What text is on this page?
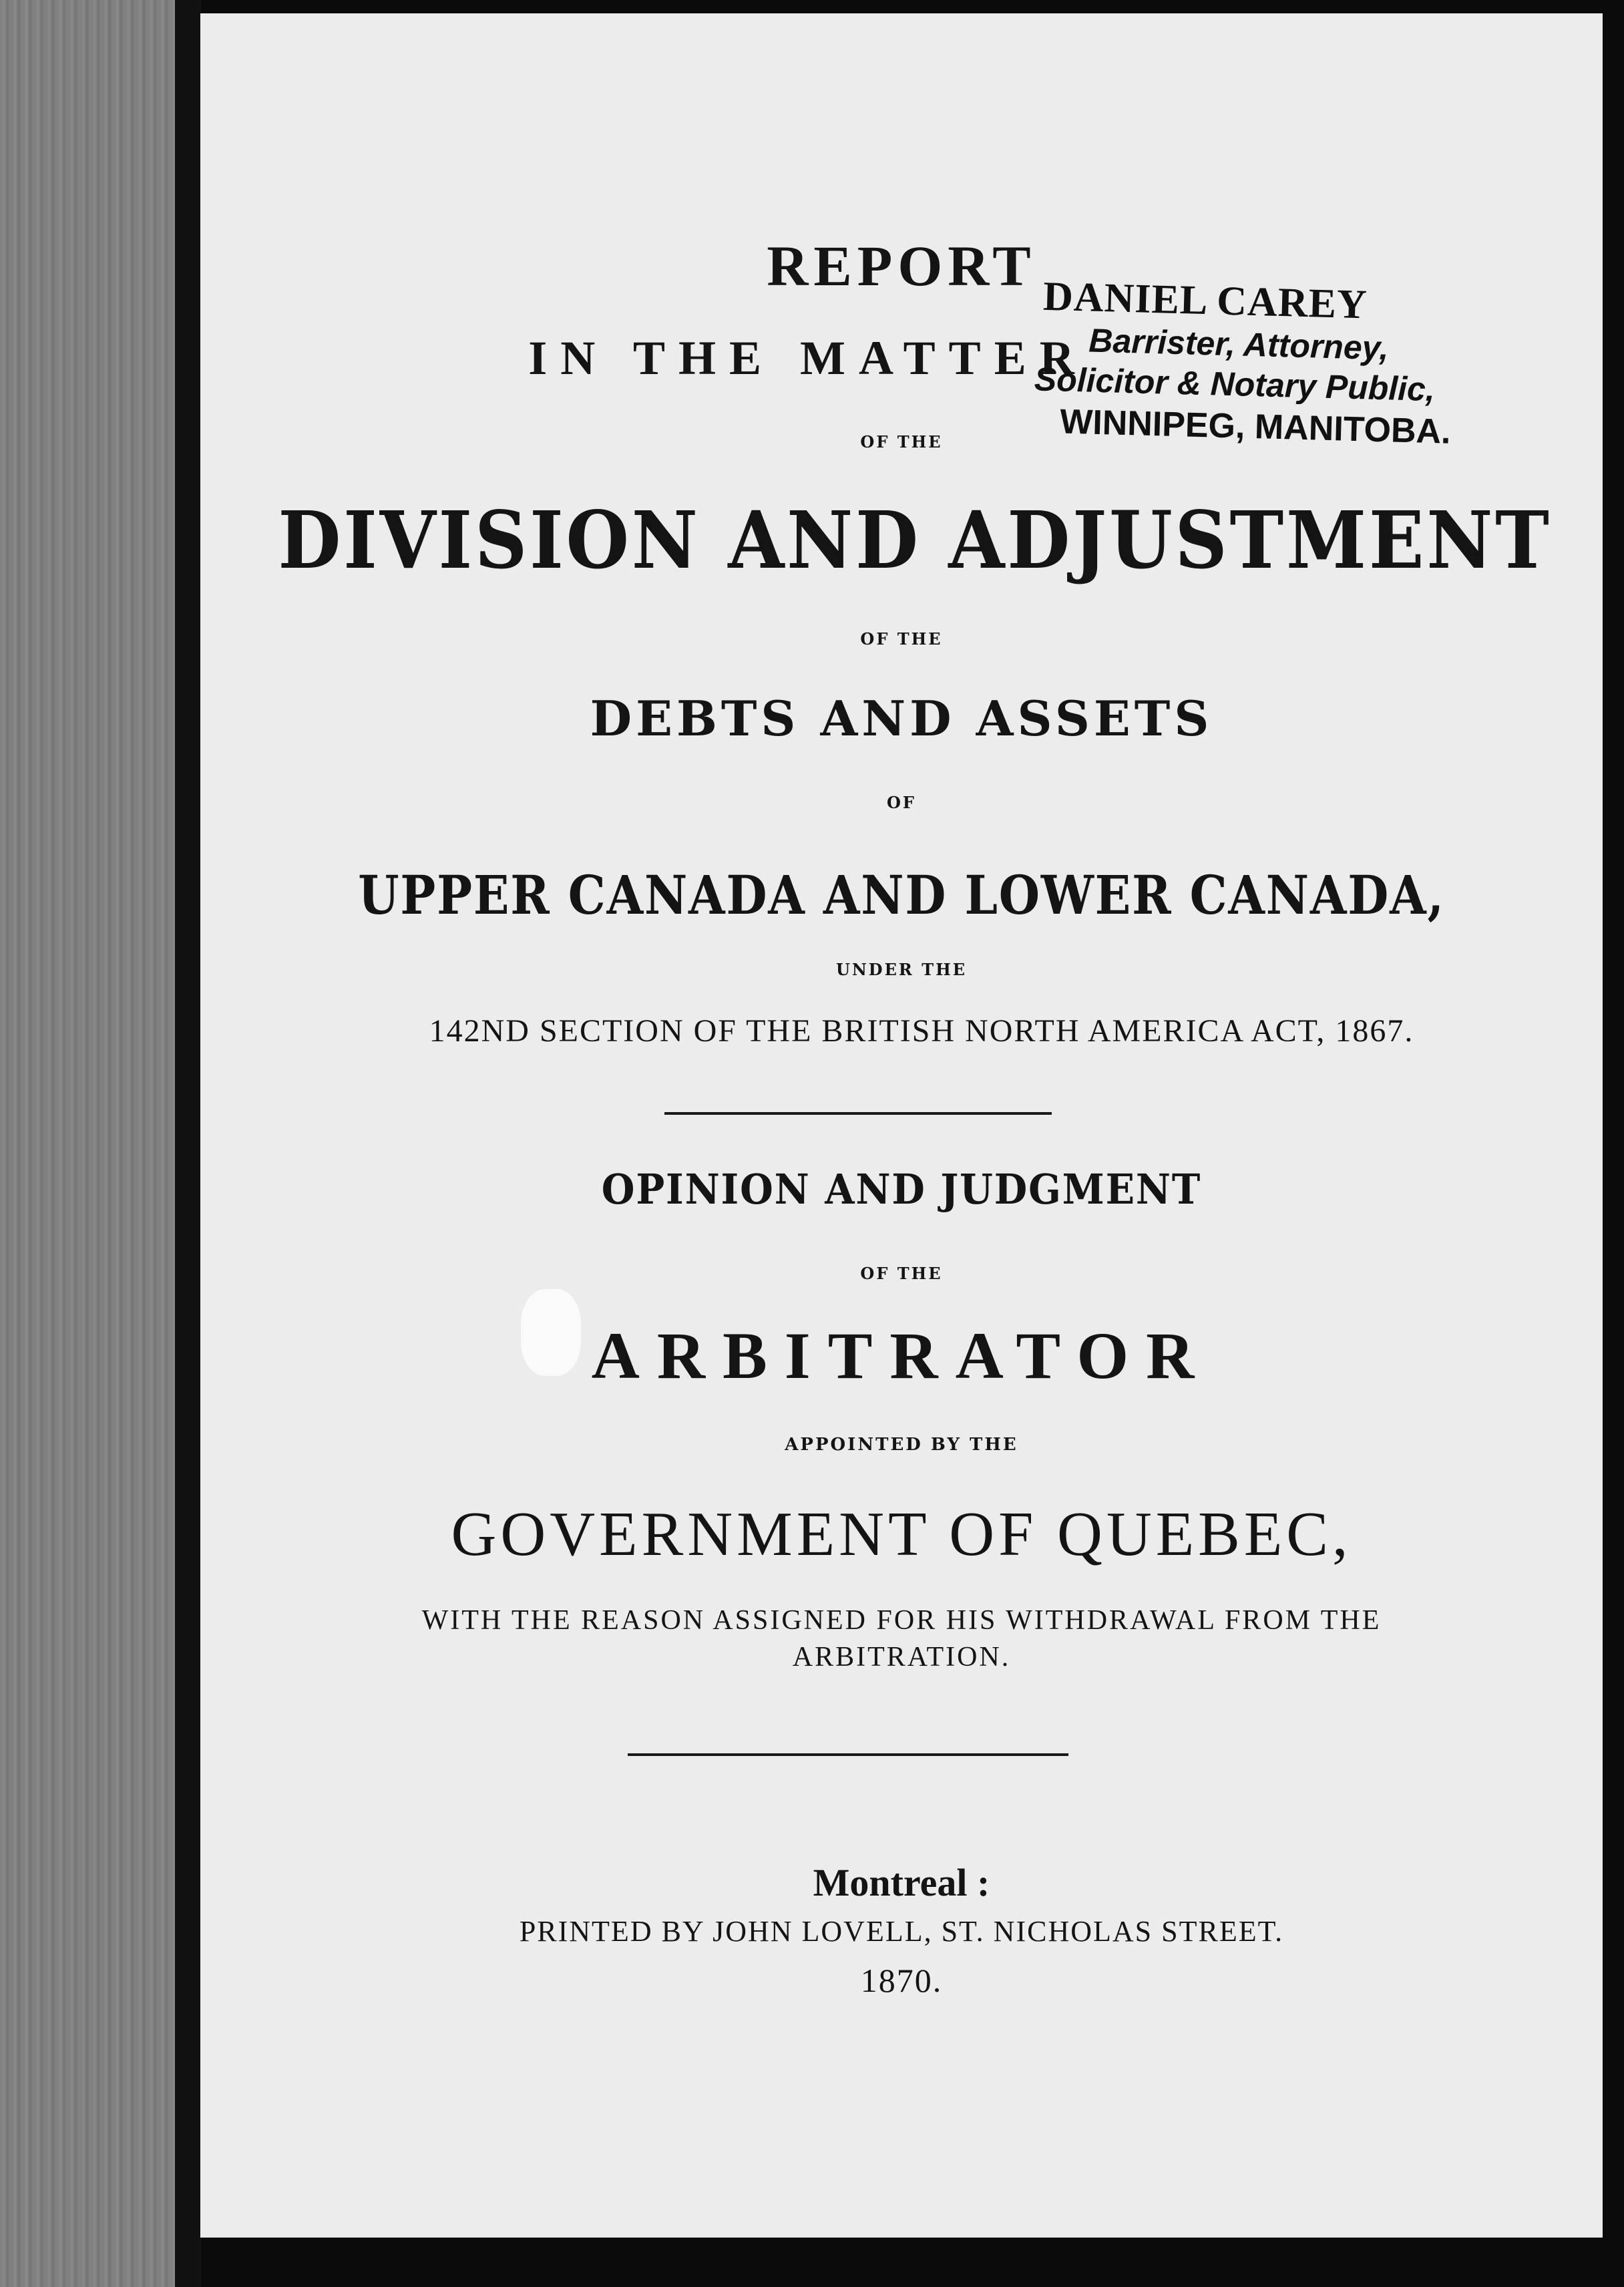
REPORT
IN THE MATTER
OF THE
DIVISION AND ADJUSTMENT
OF THE
DEBTS AND ASSETS
OF
UPPER CANADA AND LOWER CANADA,
UNDER THE
142ND SECTION OF THE BRITISH NORTH AMERICA ACT, 1867.
OPINION AND JUDGMENT
OF THE
ARBITRATOR
APPOINTED BY THE
GOVERNMENT OF QUEBEC,
WITH THE REASON ASSIGNED FOR HIS WITHDRAWAL FROM THE
ARBITRATION.
Montreal :
PRINTED BY JOHN LOVELL, ST. NICHOLAS STREET.
1870.
DANIEL CAREY
Barrister, Attorney,
Solicitor & Notary Public,
WINNIPEG, MANITOBA.
